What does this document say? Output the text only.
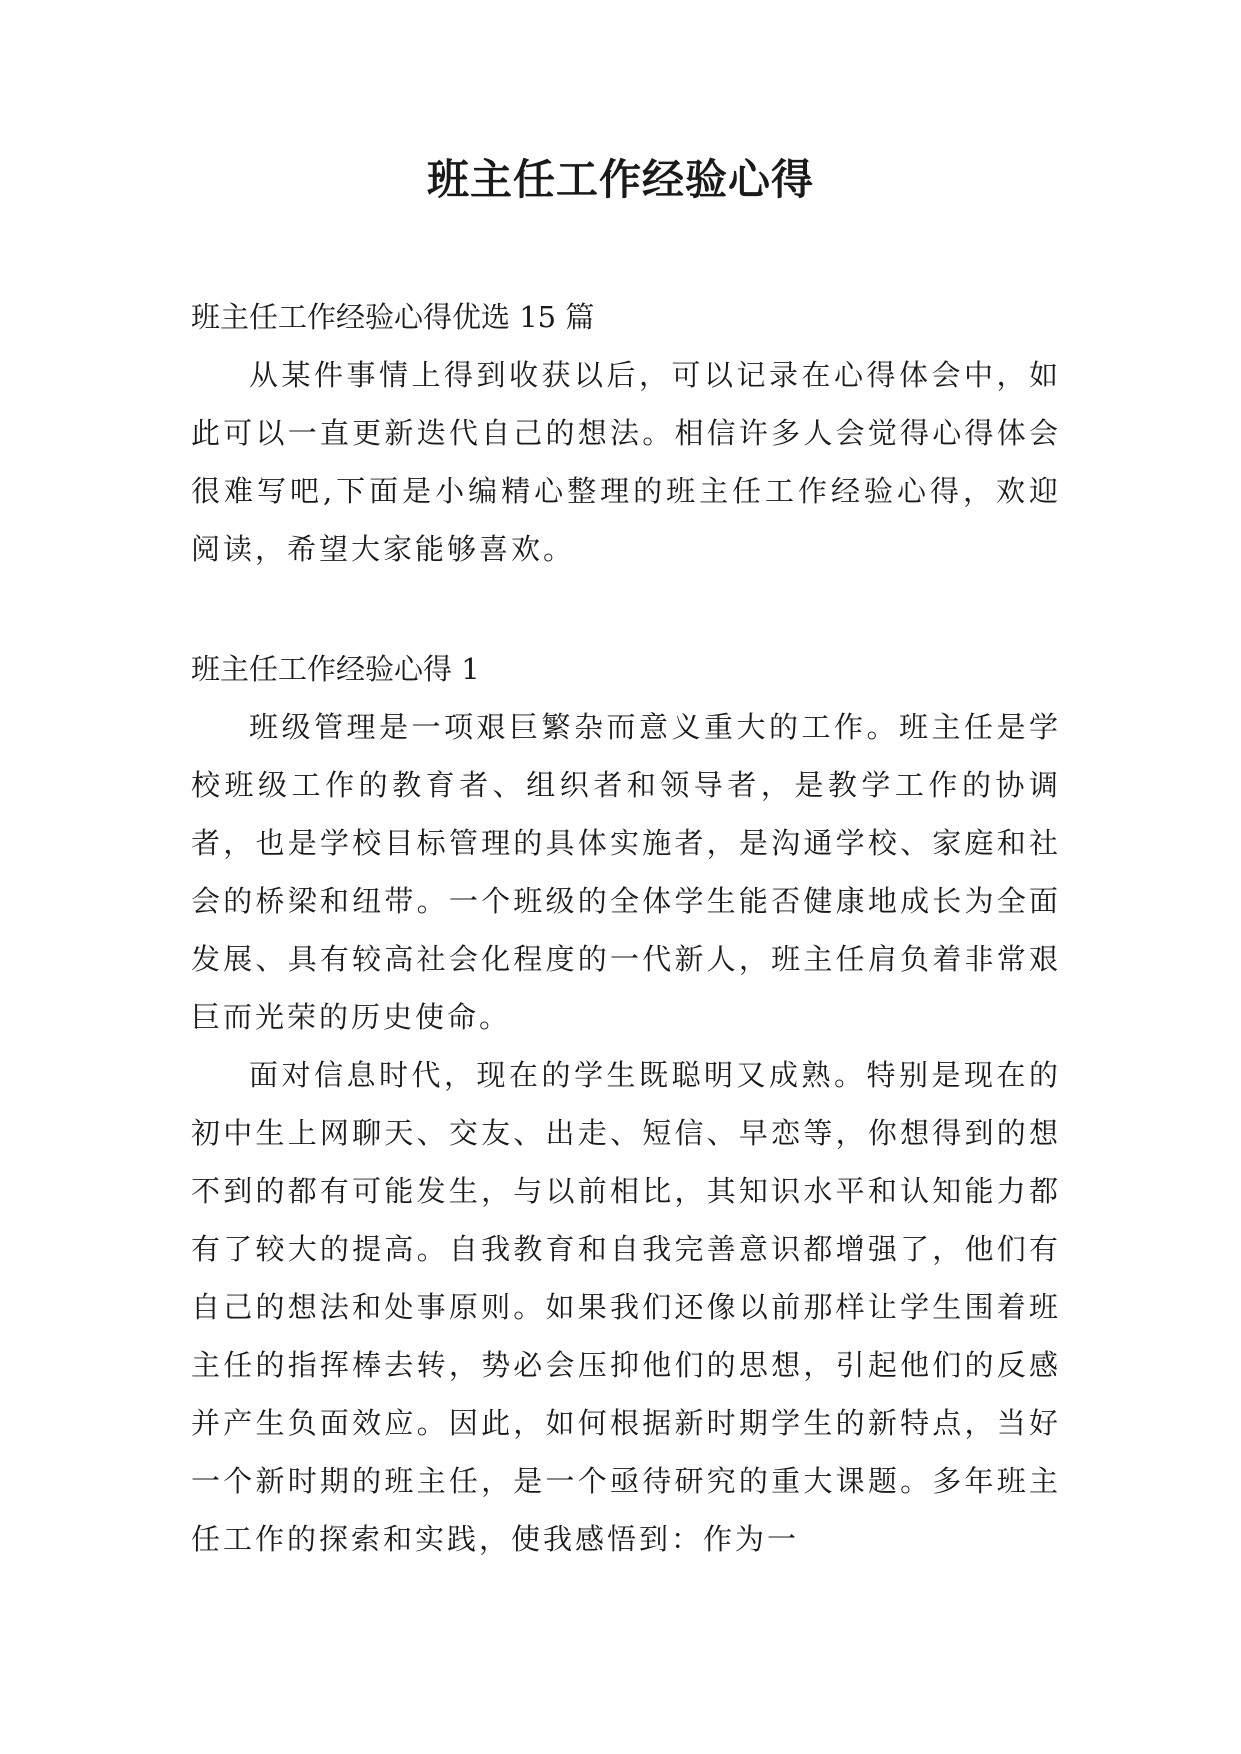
班主任工作经验心得

班主任工作经验心得优选 15 篇

从某件事情上得到收获以后，可以记录在心得体会中，如此可以一直更新迭代自己的想法。相信许多人会觉得心得体会很难写吧,下面是小编精心整理的班主任工作经验心得，欢迎阅读，希望大家能够喜欢。

班主任工作经验心得 1

班级管理是一项艰巨繁杂而意义重大的工作。班主任是学校班级工作的教育者、组织者和领导者，是教学工作的协调者，也是学校目标管理的具体实施者，是沟通学校、家庭和社会的桥梁和纽带。一个班级的全体学生能否健康地成长为全面发展、具有较高社会化程度的一代新人，班主任肩负着非常艰巨而光荣的历史使命。

面对信息时代，现在的学生既聪明又成熟。特别是现在的初中生上网聊天、交友、出走、短信、早恋等，你想得到的想不到的都有可能发生，与以前相比，其知识水平和认知能力都有了较大的提高。自我教育和自我完善意识都增强了，他们有自己的想法和处事原则。如果我们还像以前那样让学生围着班主任的指挥棒去转，势必会压抑他们的思想，引起他们的反感并产生负面效应。因此，如何根据新时期学生的新特点，当好一个新时期的班主任，是一个亟待研究的重大课题。多年班主任工作的探索和实践，使我感悟到：作为一
